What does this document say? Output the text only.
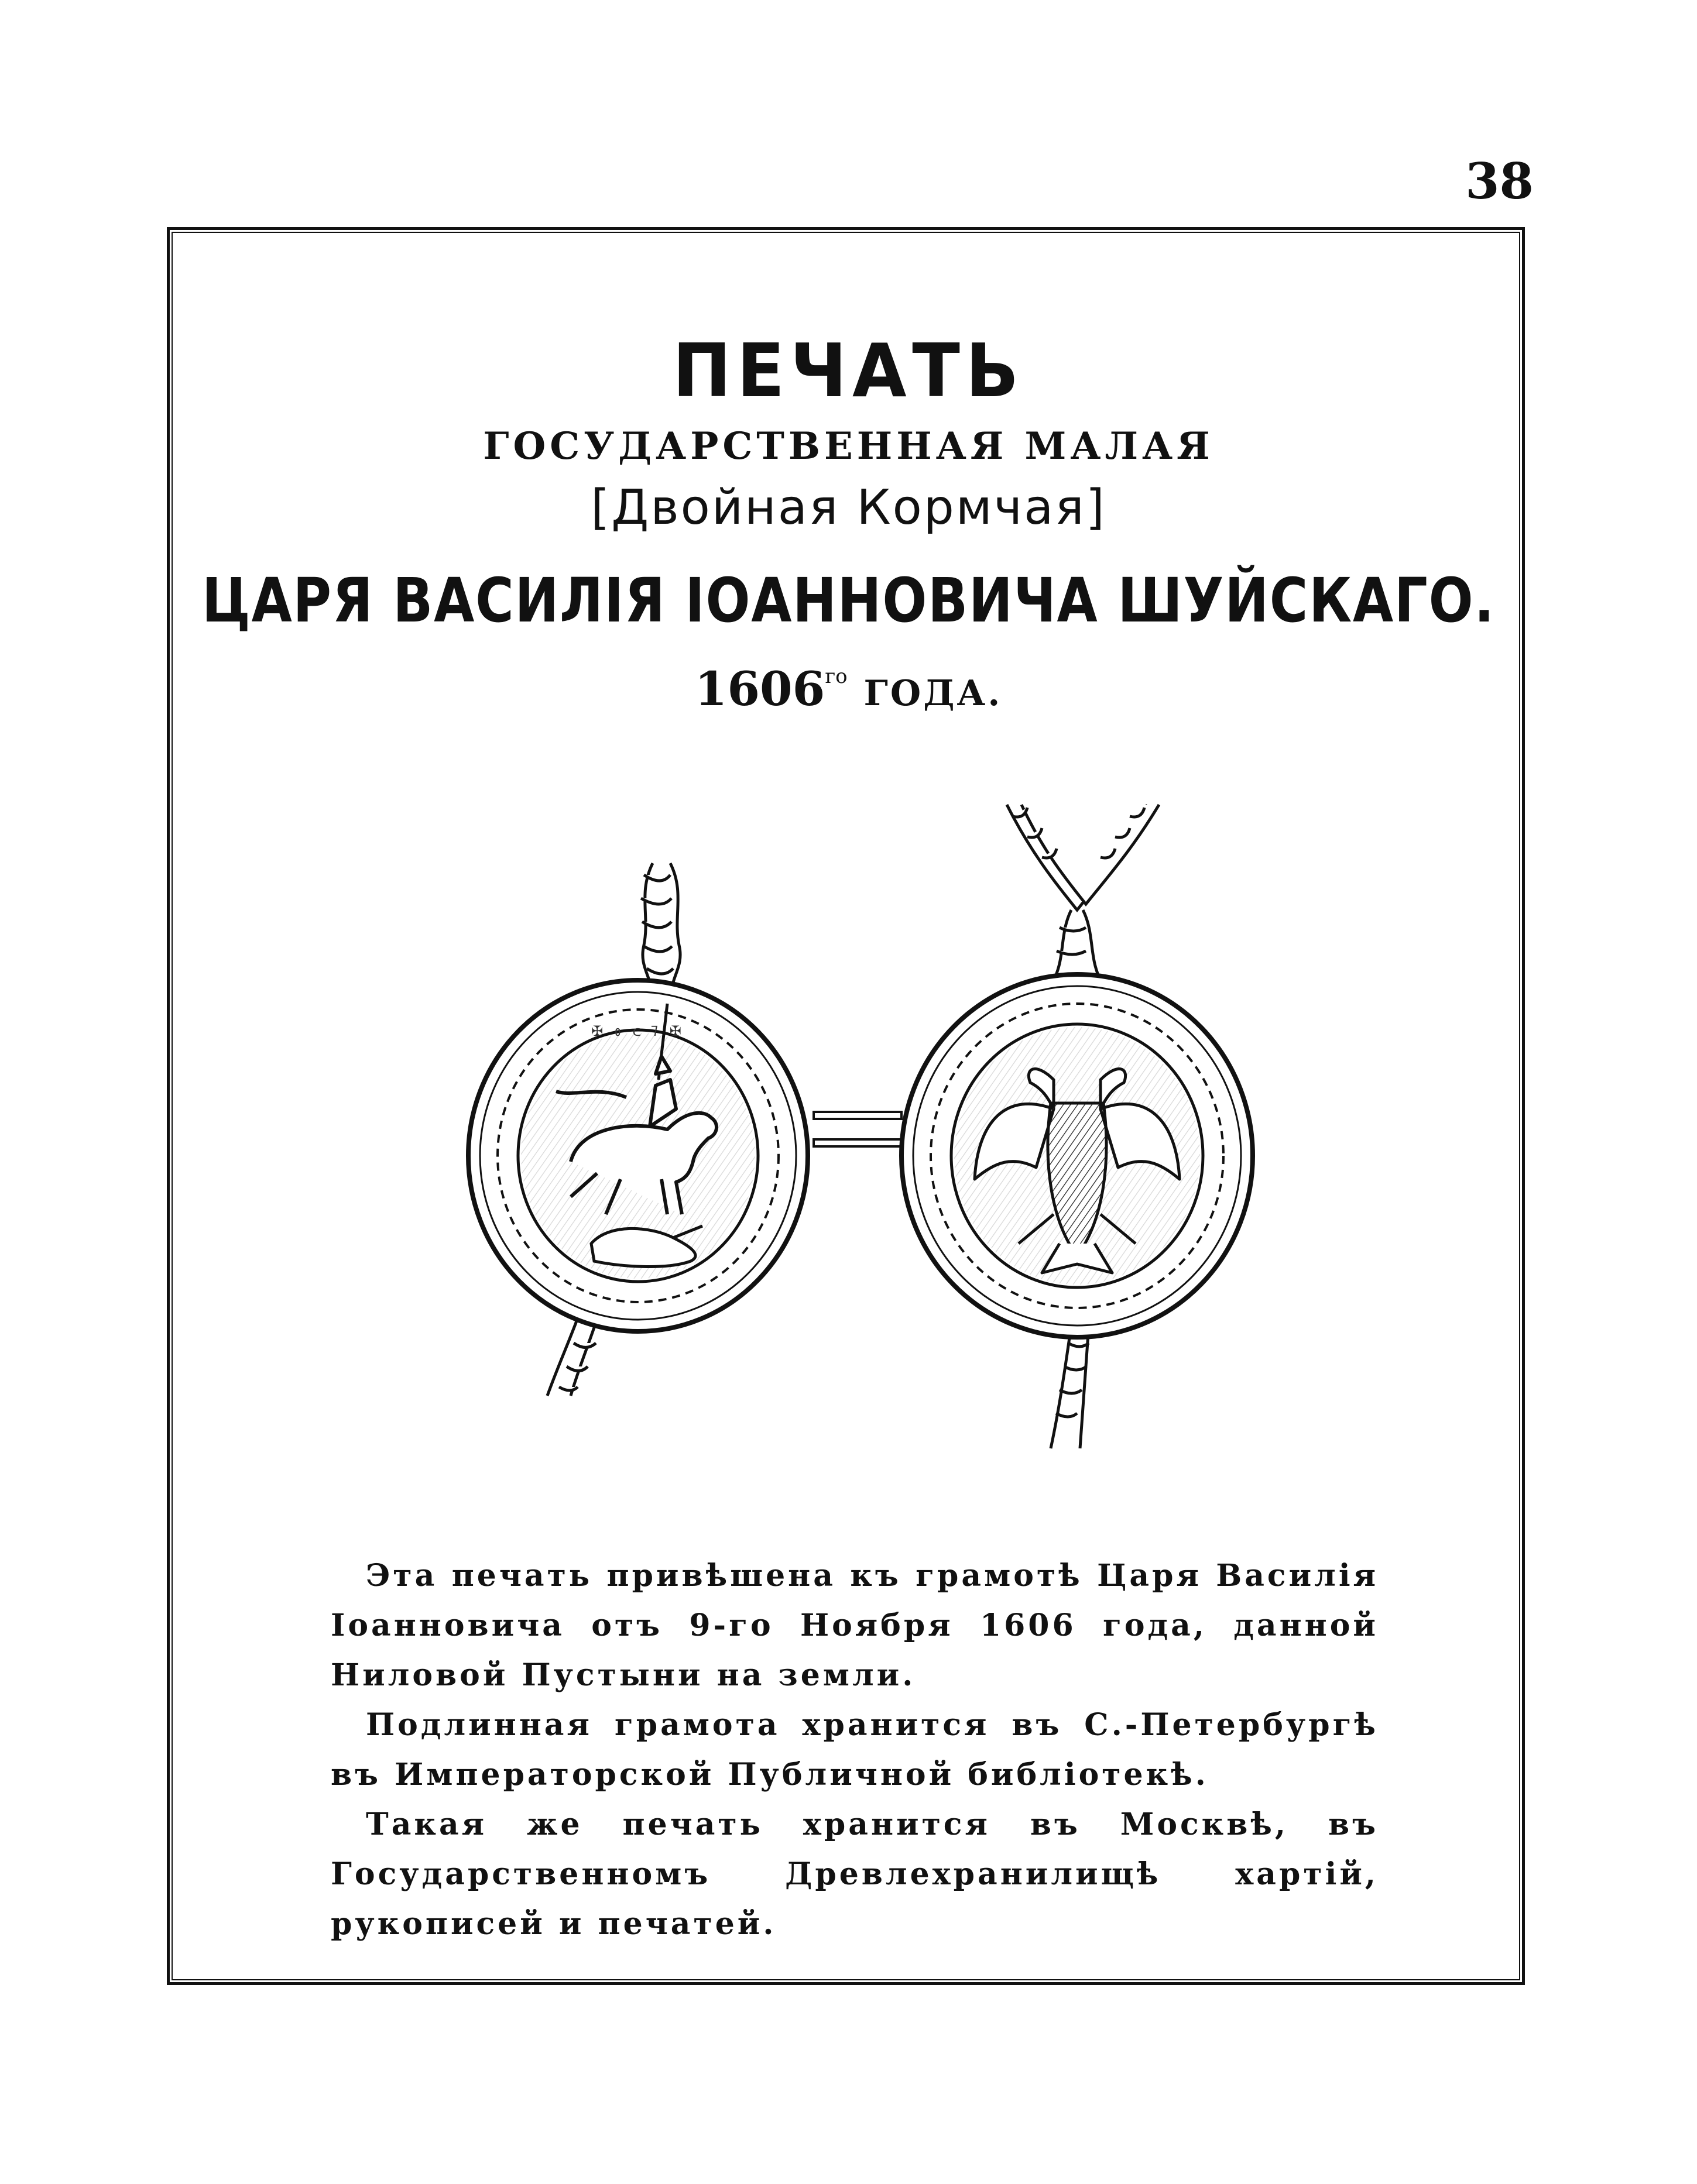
38
ПЕЧАТЬ
ГОСУДАРСТВЕННАЯ МАЛАЯ
[Двойная Кормчая]
ЦАРЯ ВАСИЛІЯ ІОАННОВИЧА ШУЙСКАГО.
$1606^{го}$ ГОДА.
✠ ᲂ ᲃ ᲄ ✠

Эта печать привѣшена къ грамотѣ Царя Василія Іоанновича отъ 9-го Ноября 1606 года, данной Ниловой Пустыни на земли.

Подлинная грамота хранится въ С.-Петербургѣ въ Императорской Публичной библіотекѣ.

Такая же печать хранится въ Москвѣ, въ Государственномъ Древлехранилищѣ хартій, рукописей и печатей.
